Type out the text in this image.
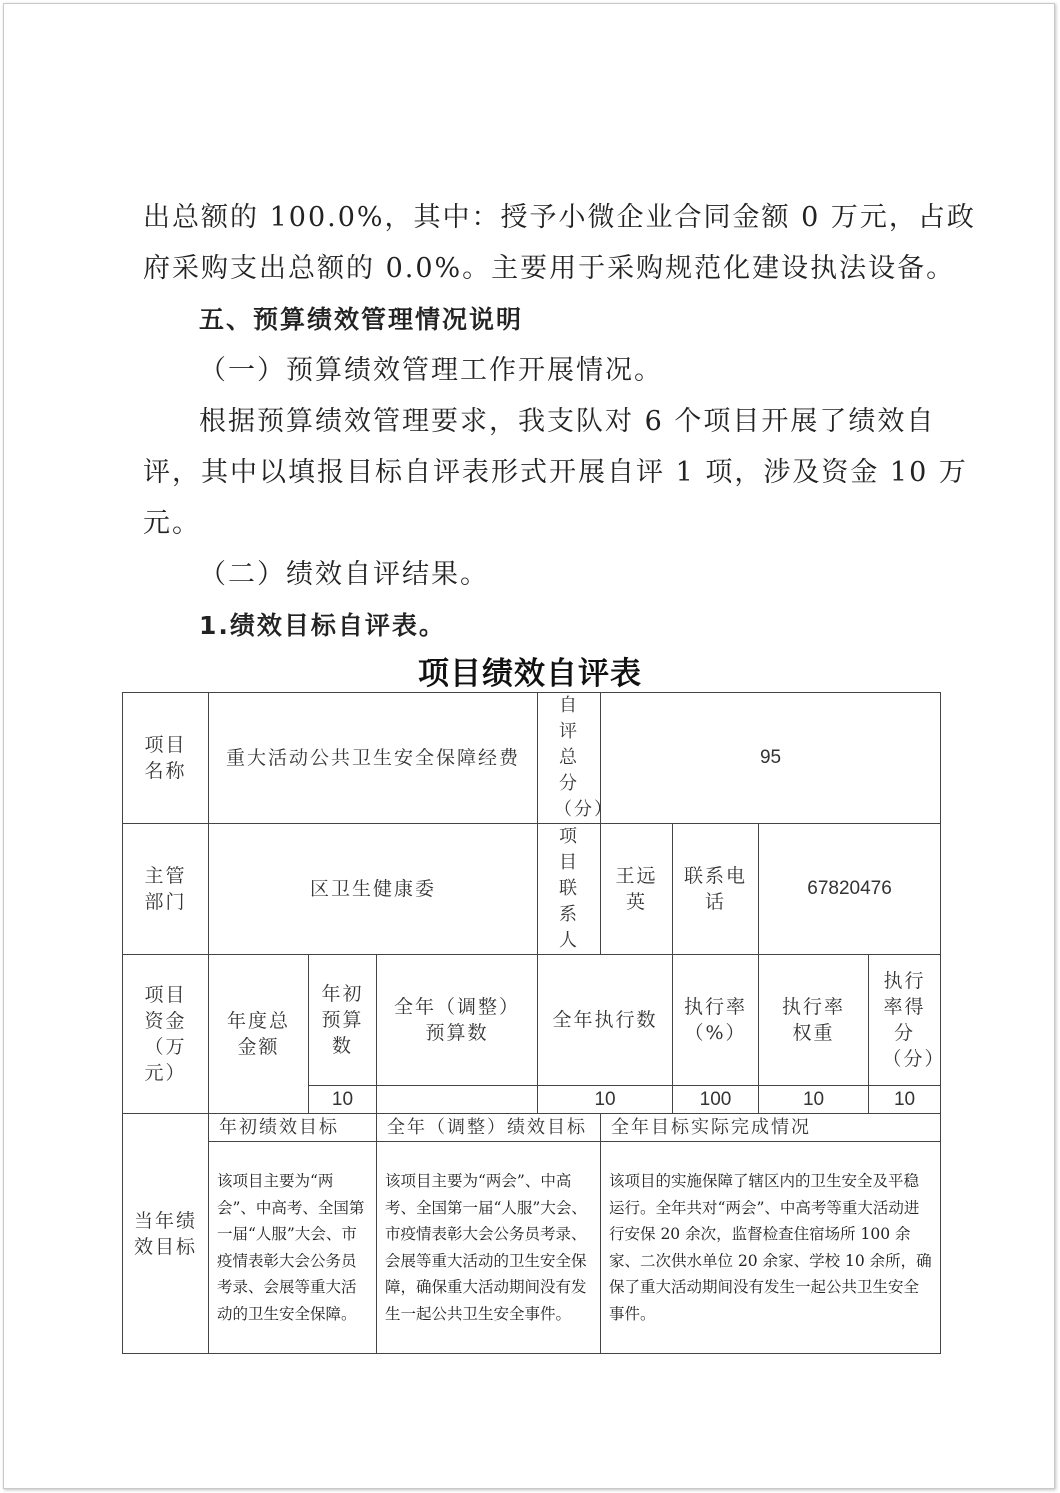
出总额的 100.0%，其中：授予小微企业合同金额 0 万元，占政

府采购支出总额的 0.0%。主要用于采购规范化建设执法设备。

五、预算绩效管理情况说明

（一）预算绩效管理工作开展情况。

根据预算绩效管理要求，我支队对 6 个项目开展了绩效自

评，其中以填报目标自评表形式开展自评 1 项，涉及资金 10 万

元。

（二）绩效自评结果。

1.绩效目标自评表。

项目绩效自评表
项目名称	重大活动公共卫生安全保障经费			自评总分（分）	95			
主管部门	区卫生健康委			项目联系人	王远英	联系电话	67820476	
项目资金（万元）	年度总金额	年初预算数	全年（调整）预算数	全年执行数		执行率（%）	执行率权重	执行率得分（分）
		10		10		100	10	10
当年绩效目标	年初绩效目标		全年（调整）绩效目标		全年目标实际完成情况			
	该项目主要为“两会”、中高考、全国第一届“人服”大会、市疫情表彰大会公务员考录、会展等重大活动的卫生安全保障。		该项目主要为“两会”、中高考、全国第一届“人服”大会、市疫情表彰大会公务员考录、会展等重大活动的卫生安全保障，确保重大活动期间没有发生一起公共卫生安全事件。		该项目的实施保障了辖区内的卫生安全及平稳运行。全年共对“两会”、中高考等重大活动进行安保 20 余次，监督检查住宿场所 100 余家、二次供水单位 20 余家、学校 10 余所，确保了重大活动期间没有发生一起公共卫生安全事件。			
